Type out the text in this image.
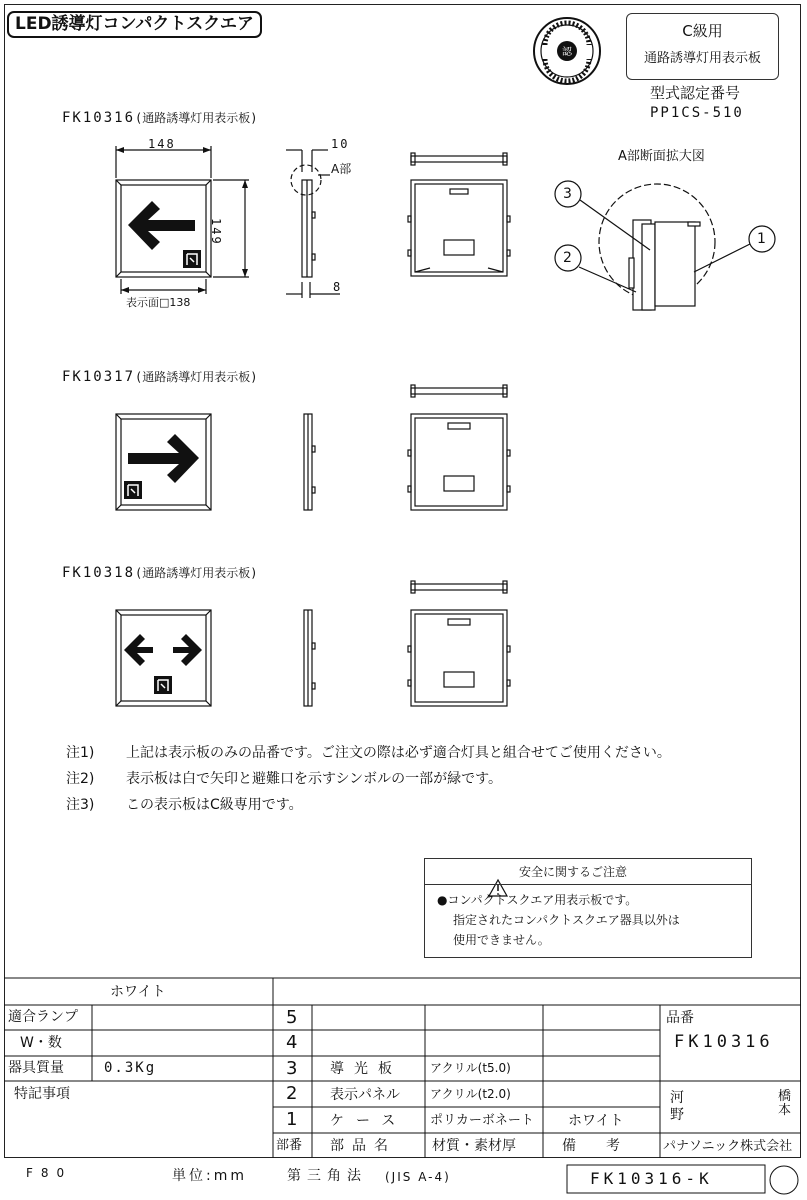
LED誘導灯コンパクトスクエア
認
C級用
通路誘導灯用表示板
型式認定番号
PP1CS-510
FK10316(通路誘導灯用表示板)
FK10317(通路誘導灯用表示板)
FK10318(通路誘導灯用表示板)
148
149
表示面□138
10
8
A部
A部断面拡大図
3
2
1
注1) 上記は表示板のみの品番です。ご注文の際は必ず適合灯具と組合せてご使用ください。
注2) 表示板は白で矢印と避難口を示すシンボルの一部が緑です。
注3) この表示板はC級専用です。
安全に関するご注意
●コンパクトスクエア用表示板です。
指定されたコンパクトスクエア器具以外は
使用できません。
ホワイト
適合ランプ
W・数
器具質量	0.3Kg
特記事項
5
4
3 導光板 アクリル(t5.0)
2 表示パネル	アクリル(t2.0)
1 ケース ポリカーボネート ホワイト
部番 部品名	材質・素材厚	備考
品番
FK10316
河野
橋本
パナソニック株式会社
F80	単位:mm	第三角法 (JIS A-4)	FK10316-K
